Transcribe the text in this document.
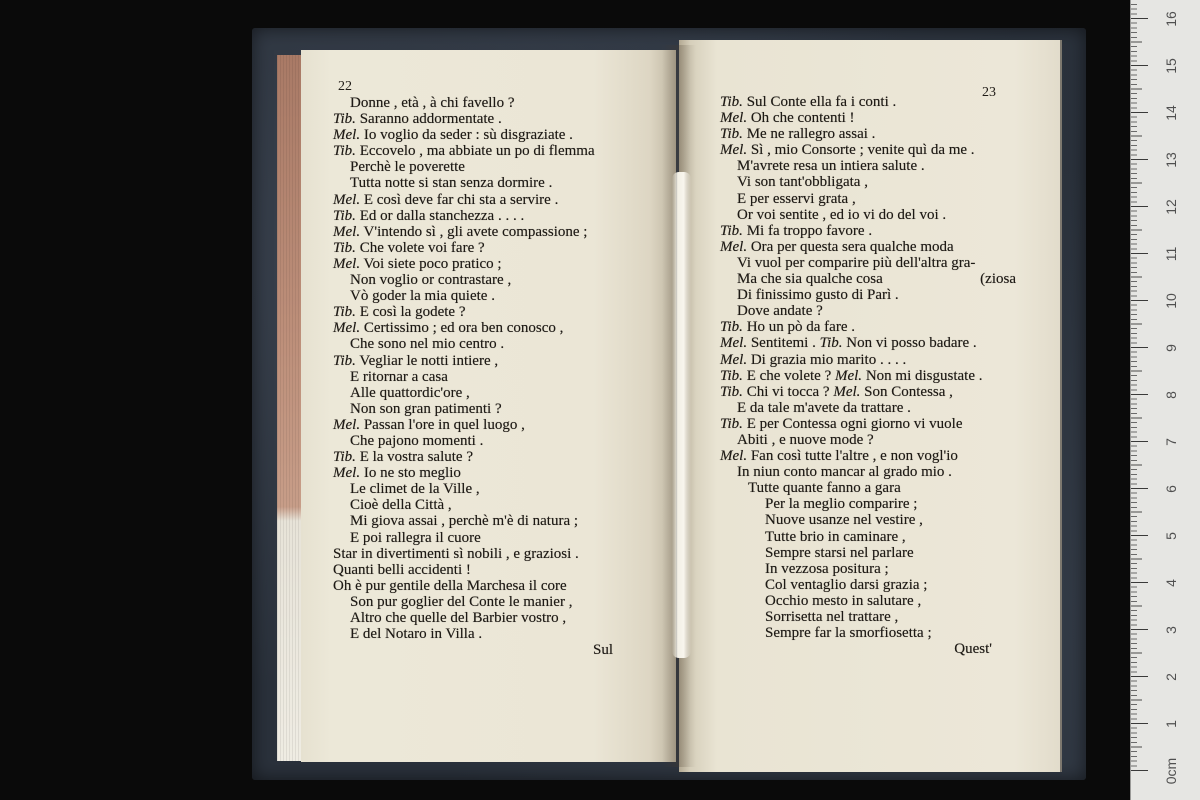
22	23
Donne , età , à chi favello ?
Tib. Saranno addormentate .
Mel. Io voglio da seder : sù disgraziate .
Tib. Eccovelo , ma abbiate un po di flemma
Perchè le poverette
Tutta notte si stan senza dormire .
Mel. E così deve far chi sta a servire .
Tib. Ed or dalla stanchezza . . . .
Mel. V'intendo sì , gli avete compassione ;
Tib. Che volete voi fare ?
Mel. Voi siete poco pratico ;
Non voglio or contrastare ,
Vò goder la mia quiete .
Tib. E così la godete ?
Mel. Certissimo ; ed ora ben conosco ,
Che sono nel mio centro .
Tib. Vegliar le notti intiere ,
E ritornar a casa
Alle quattordic'ore ,
Non son gran patimenti ?
Mel. Passan l'ore in quel luogo ,
Che pajono momenti .
Tib. E la vostra salute ?
Mel. Io ne sto meglio
Le climet de la Ville ,
Cioè della Città ,
Mi giova assai , perchè m'è di natura ;
E poi rallegra il cuore
Star in divertimenti sì nobili , e graziosi .
Quanti belli accidenti !
Oh è pur gentile della Marchesa il core
Son pur goglier del Conte le manier ,
Altro che quelle del Barbier vostro ,
E del Notaro in Villa .
Sul
Tib. Sul Conte ella fa i conti .
Mel. Oh che contenti !
Tib. Me ne rallegro assai .
Mel. Sì , mio Consorte ; venite quì da me .
M'avrete resa un intiera salute .
Vi son tant'obbligata ,
E per esservi grata ,
Or voi sentite , ed io vi do del voi .
Tib. Mi fa troppo favore .
Mel. Ora per questa sera qualche moda
Vi vuol per comparire più dell'altra gra-
Ma che sia qualche cosa	(ziosa
Di finissimo gusto di Parì .
Dove andate ?
Tib. Ho un pò da fare .
Mel. Sentitemi . Tib. Non vi posso badare .
Mel. Di grazia mio marito . . . .
Tib. E che volete ? Mel. Non mi disgustate .
Tib. Chi vi tocca ? Mel. Son Contessa ,
E da tale m'avete da trattare .
Tib. E per Contessa ogni giorno vi vuole
Abiti , e nuove mode ?
Mel. Fan così tutte l'altre , e non vogl'io
In niun conto mancar al grado mio .
Tutte quante fanno a gara
Per la meglio comparire ;
Nuove usanze nel vestire ,
Tutte brio in caminare ,
Sempre starsi nel parlare
In vezzosa positura ;
Col ventaglio darsi grazia ;
Occhio mesto in salutare ,
Sorrisetta nel trattare ,
Sempre far la smorfiosetta ;
Quest'
0cm
1
2
3
4
5
6
7
8
9
10
11
12
13
14
15
16
